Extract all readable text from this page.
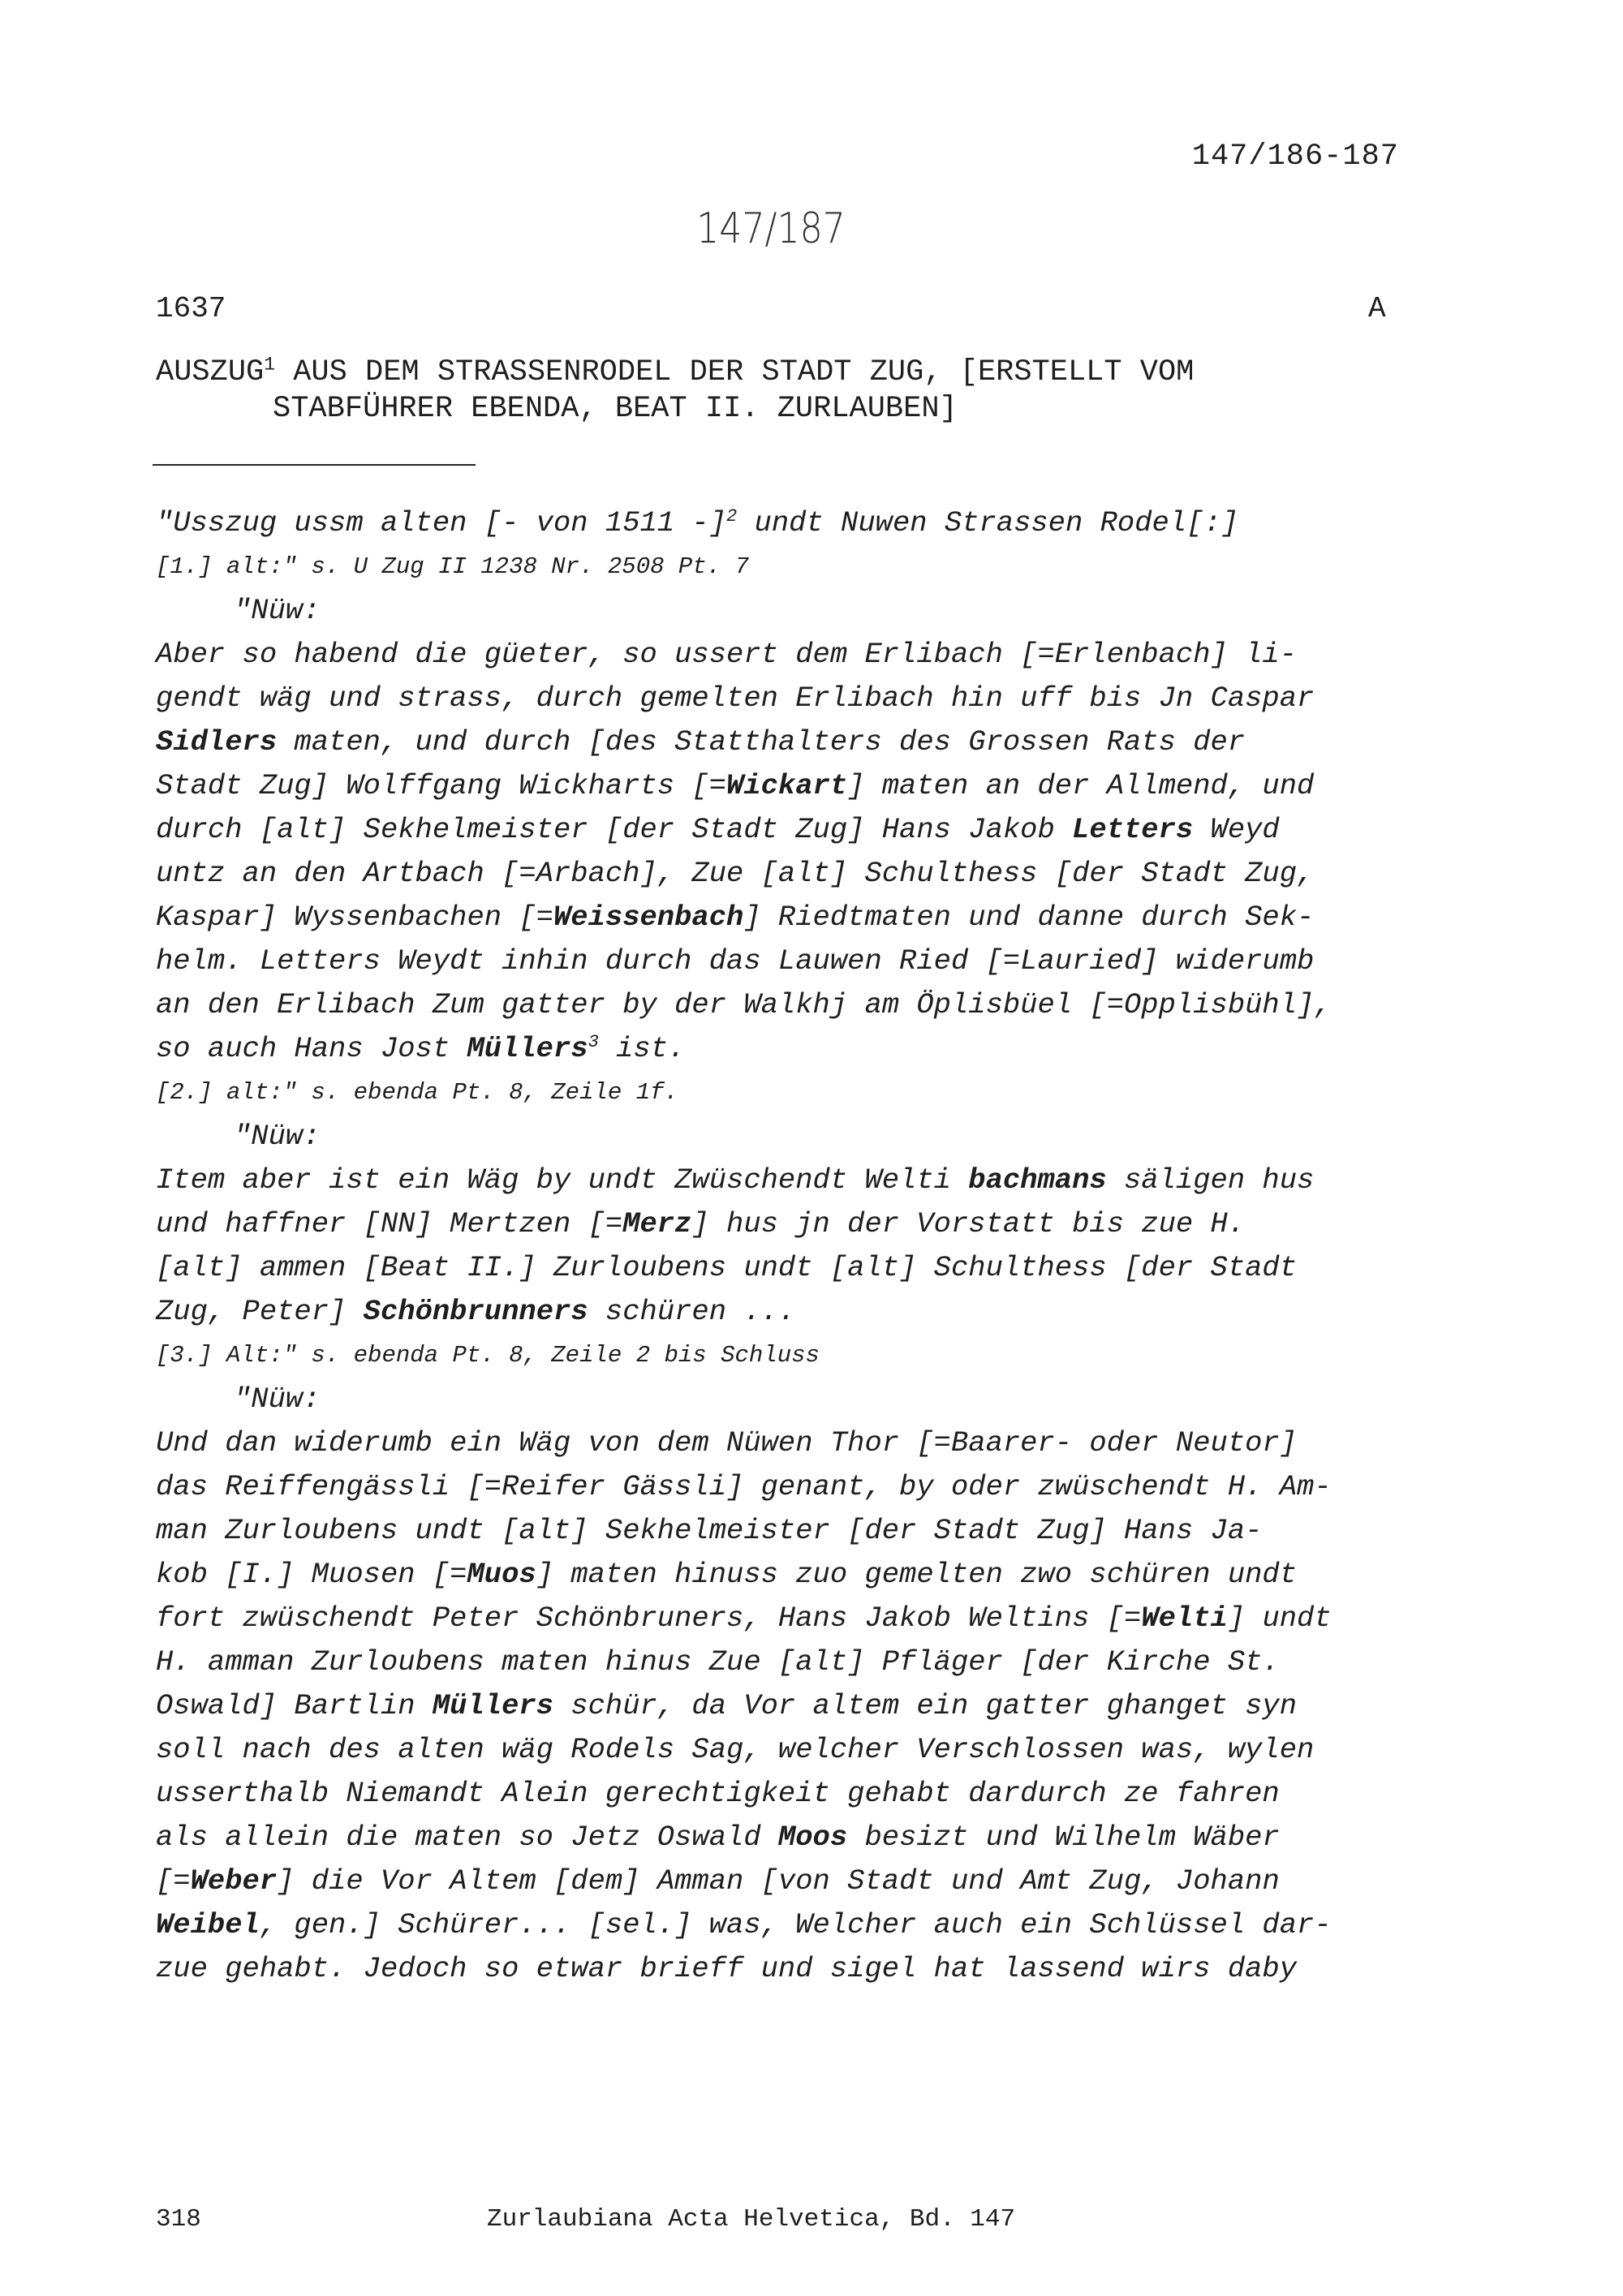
147/186-187
147/187
1637	A
AUSZUG$^1$ AUS DEM STRASSENRODEL DER STADT ZUG, [ERSTELLT VOM
STABFÜHRER EBENDA, BEAT II. ZURLAUBEN]
"Usszug ussm alten [- von 1511 -]$^2$ undt Nuwen Strassen Rodel[:]
[1.] alt:" s. U Zug II 1238 Nr. 2508 Pt. 7
"Nüw:
Aber so habend die güeter, so ussert dem Erlibach [=Erlenbach] li-
gendt wäg und strass, durch gemelten Erlibach hin uff bis Jn Caspar
Sidlers maten, und durch [des Statthalters des Grossen Rats der
Stadt Zug] Wolffgang Wickharts [=Wickart] maten an der Allmend, und
durch [alt] Sekhelmeister [der Stadt Zug] Hans Jakob Letters Weyd
untz an den Artbach [=Arbach], Zue [alt] Schulthess [der Stadt Zug,
Kaspar] Wyssenbachen [=Weissenbach] Riedtmaten und danne durch Sek-
helm. Letters Weydt inhin durch das Lauwen Ried [=Lauried] widerumb
an den Erlibach Zum gatter by der Walkhj am Öplisbüel [=Opplisbühl],
so auch Hans Jost Müllers$^3$ ist.
[2.] alt:" s. ebenda Pt. 8, Zeile 1f.
"Nüw:
Item aber ist ein Wäg by undt Zwüschendt Welti bachmans säligen hus
und haffner [NN] Mertzen [=Merz] hus jn der Vorstatt bis zue H.
[alt] ammen [Beat II.] Zurloubens undt [alt] Schulthess [der Stadt
Zug, Peter] Schönbrunners schüren ...
[3.] Alt:" s. ebenda Pt. 8, Zeile 2 bis Schluss
"Nüw:
Und dan widerumb ein Wäg von dem Nüwen Thor [=Baarer- oder Neutor]
das Reiffengässli [=Reifer Gässli] genant, by oder zwüschendt H. Am-
man Zurloubens undt [alt] Sekhelmeister [der Stadt Zug] Hans Ja-
kob [I.] Muosen [=Muos] maten hinuss zuo gemelten zwo schüren undt
fort zwüschendt Peter Schönbruners, Hans Jakob Weltins [=Welti] undt
H. amman Zurloubens maten hinus Zue [alt] Pfläger [der Kirche St.
Oswald] Bartlin Müllers schür, da Vor altem ein gatter ghanget syn
soll nach des alten wäg Rodels Sag, welcher Verschlossen was, wylen
usserthalb Niemandt Alein gerechtigkeit gehabt dardurch ze fahren
als allein die maten so Jetz Oswald Moos besizt und Wilhelm Wäber
[=Weber] die Vor Altem [dem] Amman [von Stadt und Amt Zug, Johann
Weibel, gen.] Schürer... [sel.] was, Welcher auch ein Schlüssel dar-
zue gehabt. Jedoch so etwar brieff und sigel hat lassend wirs daby
318	Zurlaubiana Acta Helvetica, Bd. 147
